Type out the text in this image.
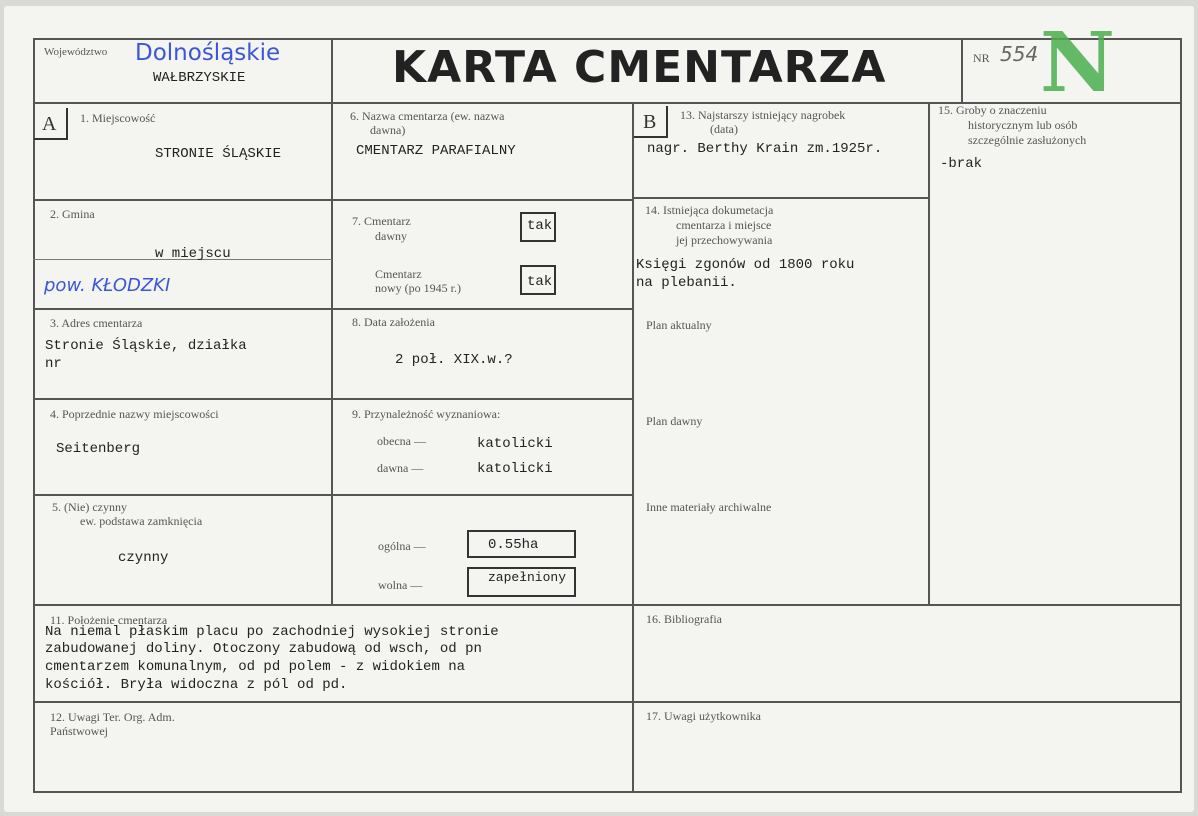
Województwo Dolnośląskie
WAŁBRZYSKIE	KARTA CMENTARZA	NR 554 N
A 1. Miejscowość
STRONIE ŚLĄSKIE
2. Gmina
w miejscu
pow. KŁODZKI
3. Adres cmentarza
Stronie Śląskie, działka
nr
4. Poprzednie nazwy miejscowości
Seitenberg
5. (Nie) czynny
ew. podstawa zamknięcia
czynny
6. Nazwa cmentarza (ew. nazwa
dawna)
CMENTARZ PARAFIALNY
7. Cmentarz
dawny
tak
Cmentarz
nowy (po 1945 r.)	tak
8. Data założenia
2 poł. XIX.w.?
9. Przynależność wyznaniowa:
obecna —	katolicki
dawna —	katolicki
ogólna —	0.55ha
wolna —	zapełniony
B 13. Najstarszy istniejący nagrobek
(data)
nagr. Berthy Krain zm.1925r.
14. Istniejąca dokumetacja
cmentarza i miejsce
jej przechowywania
Księgi zgonów od 1800 roku
na plebanii.
Plan aktualny
Plan dawny
Inne materiały archiwalne
15. Groby o znaczeniu
historycznym lub osób
szczególnie zasłużonych
-brak
11. Położenie cmentarza
Na niemal płaskim placu po zachodniej wysokiej stronie
zabudowanej doliny. Otoczony zabudową od wsch, od pn
cmentarzem komunalnym, od pd polem - z widokiem na
kościół. Bryła widoczna z pól od pd.
16. Bibliografia
12. Uwagi Ter. Org. Adm.
Państwowej
17. Uwagi użytkownika
